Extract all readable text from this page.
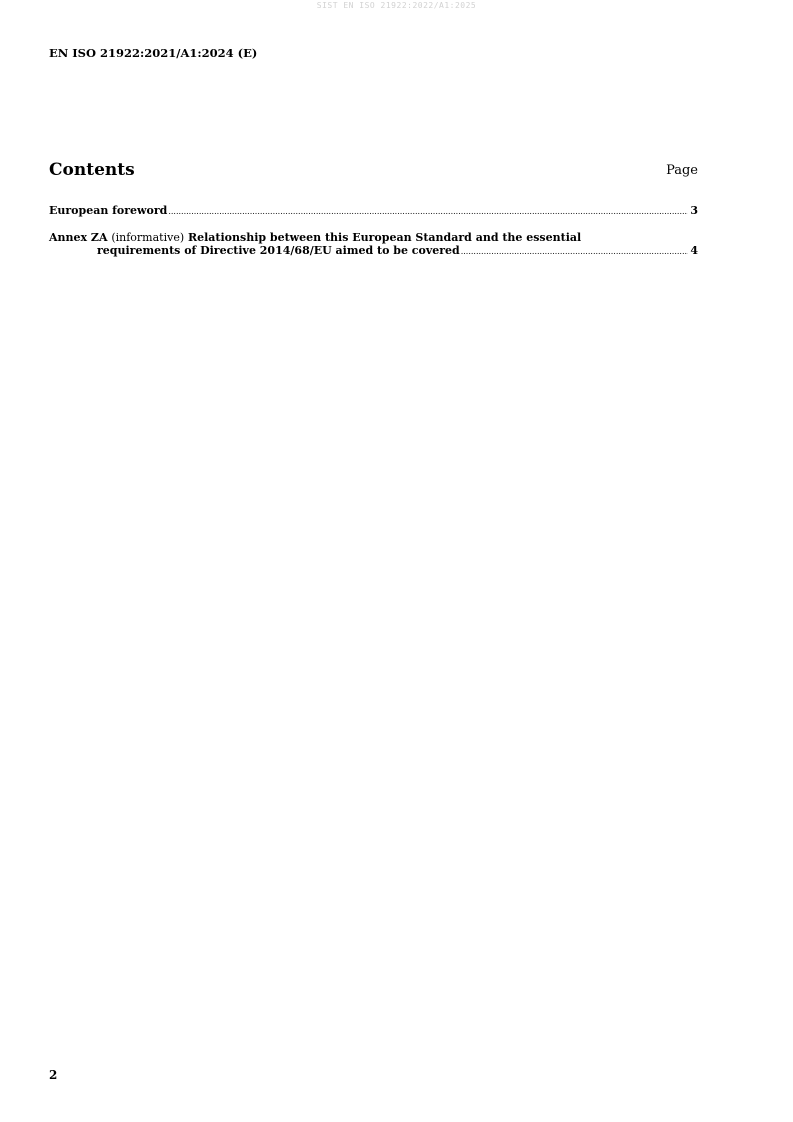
SIST EN ISO 21922:2022/A1:2025
EN ISO 21922:2021/A1:2024 (E)
Contents	Page
European foreword .....	3
Annex ZA (informative) Relationship between this European Standard and the essential
requirements of Directive 2014/68/EU aimed to be covered .....	4
2
